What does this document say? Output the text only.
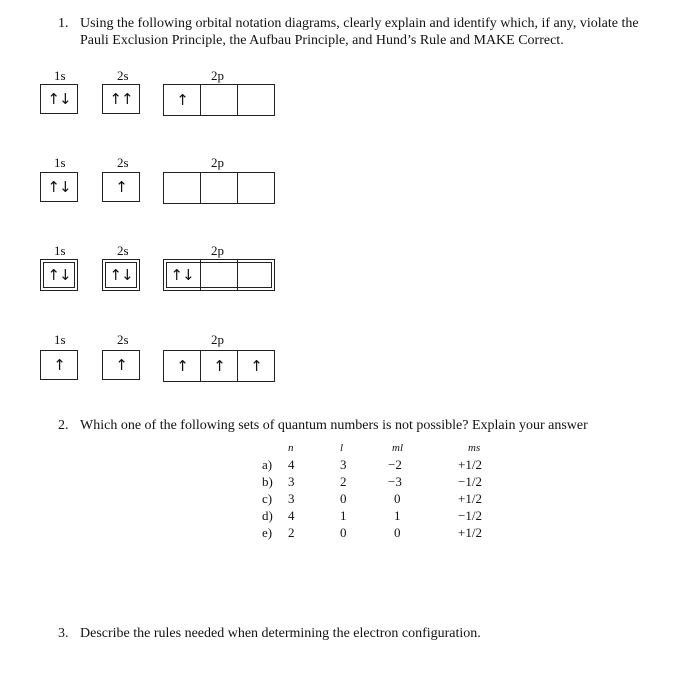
1. Using the following orbital notation diagrams, clearly explain and identify which, if any, violate the
Pauli Exclusion Principle, the Aufbau Principle, and Hund’s Rule and MAKE Correct.
1s	2s	2p
↑↓	↑↑	↑
1s	2s	2p
↑↓	↑
1s	2s	2p
↑↓	↑↓	↑↓
1s	2s	2p
↑	↑	↑	↑	↑
2. Which one of the following sets of quantum numbers is not possible? Explain your answer
	n	l	ml	ms
a)	4	3	−2	+1/2
b)	3	2	−3	−1/2
c)	3	0	0	+1/2
d)	4	1	1	−1/2
e)	2	0	0	+1/2
3. Describe the rules needed when determining the electron configuration.
